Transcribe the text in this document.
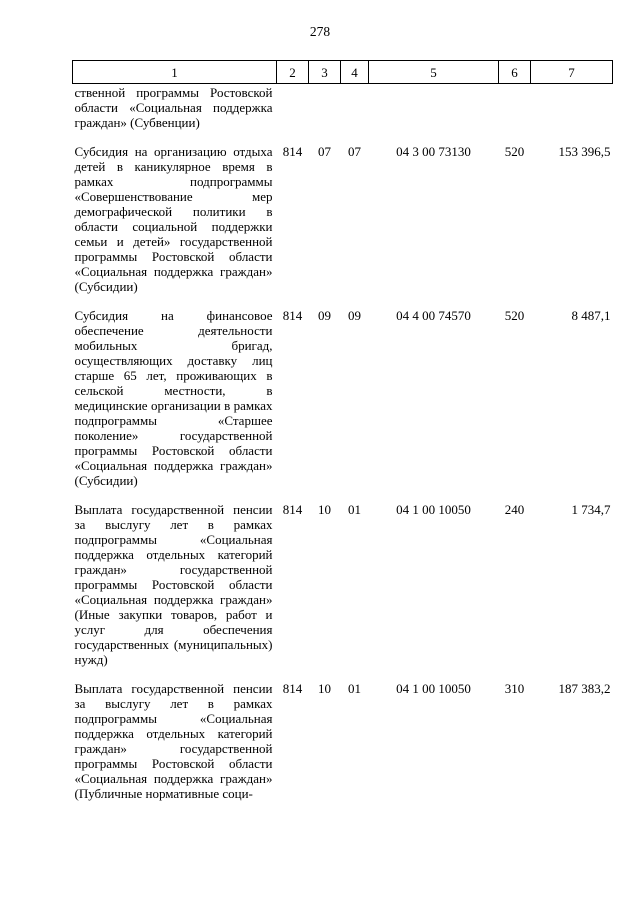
278
1	2	3	4	5	6	7
ственной программы Ростовской области «Социальная поддержка граждан» (Субвенции)						
Субсидия на организацию отдыха детей в каникулярное время в рамках подпрограммы «Совершенствование мер демографической политики в области социальной поддержки семьи и детей» государственной программы Ростовской области «Социальная поддержка граждан» (Субсидии)	814	07	07	04 3 00 73130	520	153 396,5
Субсидия на финансовое обеспечение деятельности мобильных бригад, осуществляющих доставку лиц старше 65 лет, проживающих в сельской местности, в медицинские организации в рамках подпрограммы «Старшее поколение» государственной программы Ростовской области «Социальная поддержка граждан» (Субсидии)	814	09	09	04 4 00 74570	520	8 487,1
Выплата государственной пенсии за выслугу лет в рамках подпрограммы «Социальная поддержка отдельных категорий граждан» государственной программы Ростовской области «Социальная поддержка граждан» (Иные закупки товаров, работ и услуг для обеспечения государственных (муниципальных) нужд)	814	10	01	04 1 00 10050	240	1 734,7
Выплата государственной пенсии за выслугу лет в рамках подпрограммы «Социальная поддержка отдельных категорий граждан» государственной программы Ростовской области «Социальная поддержка граждан» (Публичные нормативные соци-	814	10	01	04 1 00 10050	310	187 383,2
